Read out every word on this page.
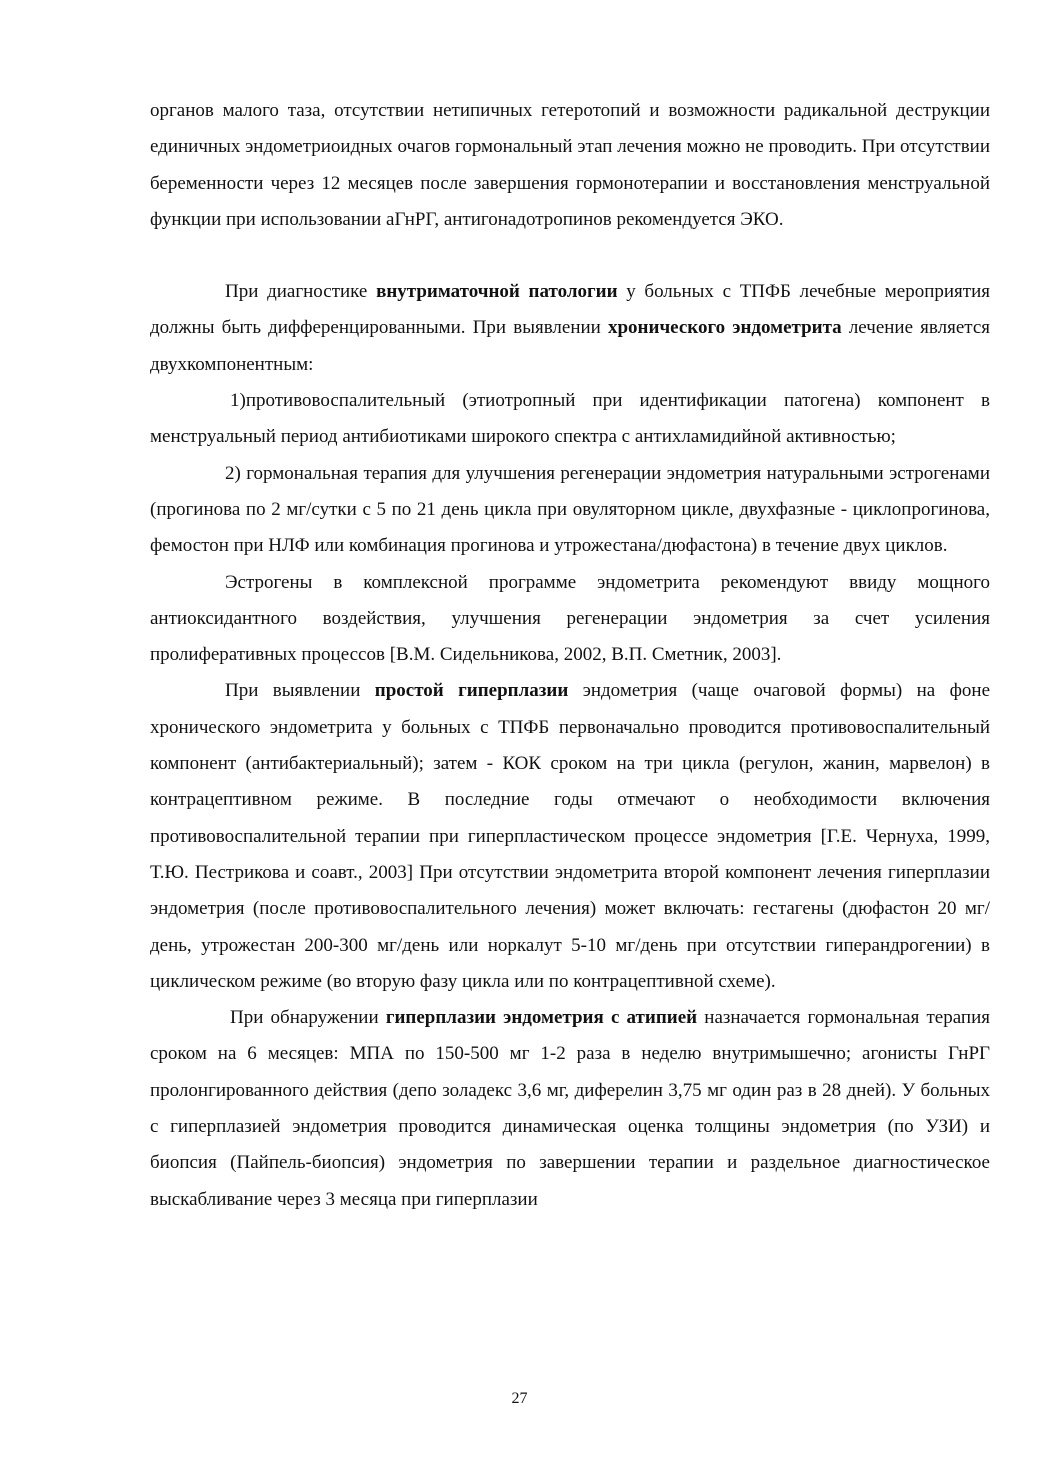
органов малого таза, отсутствии нетипичных гетеротопий и возможности радикальной деструкции единичных эндометриоидных очагов гормональный этап лечения можно не проводить. При отсутствии беременности через 12 месяцев после завершения гормонотерапии и восстановления менструальной функции при использовании аГнРГ, антигонадотропинов рекомендуется ЭКО.

При диагностике внутриматочной патологии у больных с ТПФБ лечебные мероприятия должны быть дифференцированными. При выявлении хронического эндометрита лечение является двухкомпонентным:

1)противовоспалительный (этиотропный при идентификации патогена) компонент в менструальный период антибиотиками широкого спектра с антихламидийной активностью;

2) гормональная терапия для улучшения регенерации эндометрия натуральными эстрогенами (прогинова по 2 мг/сутки с 5 по 21 день цикла при овуляторном цикле, двухфазные - циклопрогинова, фемостон при НЛФ или комбинация прогинова и утрожестана/дюфастона) в течение двух циклов.

Эстрогены в комплексной программе эндометрита рекомендуют ввиду мощного антиоксидантного воздействия, улучшения регенерации эндометрия за счет усиления пролиферативных процессов [В.М. Сидельникова, 2002, В.П. Сметник, 2003].

При выявлении простой гиперплазии эндометрия (чаще очаговой формы) на фоне хронического эндометрита у больных с ТПФБ первоначально проводится противовоспалительный компонент (антибактериальный); затем - КОК сроком на три цикла (регулон, жанин, марвелон) в контрацептивном режиме. В последние годы отмечают о необходимости включения противовоспалительной терапии при гиперпластическом процессе эндометрия [Г.Е. Чернуха, 1999, Т.Ю. Пестрикова и соавт., 2003] При отсутствии эндометрита второй компонент лечения гиперплазии эндометрия (после противовоспалительного лечения) может включать: гестагены (дюфастон 20 мг/день, утрожестан 200-300 мг/день или норкалут 5-10 мг/день при отсутствии гиперандрогении) в циклическом режиме (во вторую фазу цикла или по контрацептивной схеме).

При обнаружении гиперплазии эндометрия с атипией назначается гормональная терапия сроком на 6 месяцев: МПА по 150-500 мг 1-2 раза в неделю внутримышечно; агонисты ГнРГ пролонгированного действия (депо золадекс 3,6 мг, диферелин 3,75 мг один раз в 28 дней). У больных с гиперплазией эндометрия проводится динамическая оценка толщины эндометрия (по УЗИ) и биопсия (Пайпель-биопсия) эндометрия по завершении терапии и раздельное диагностическое выскабливание через 3 месяца при гиперплазии

27
